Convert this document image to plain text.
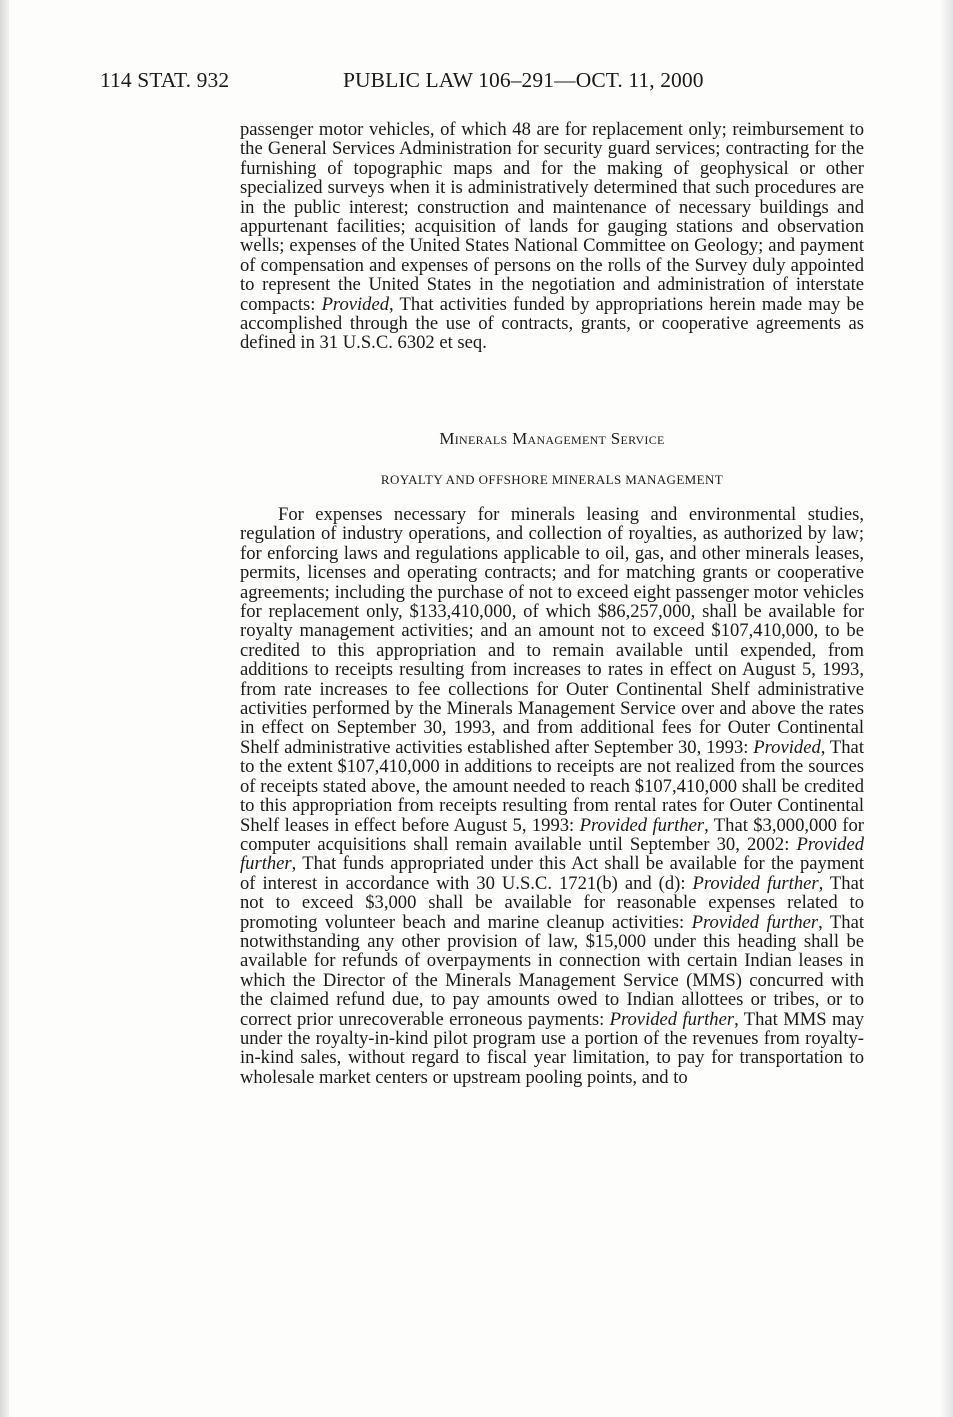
114 STAT. 932	PUBLIC LAW 106–291—OCT. 11, 2000
passenger motor vehicles, of which 48 are for replacement only; reimbursement to the General Services Administration for security guard services; contracting for the furnishing of topographic maps and for the making of geophysical or other specialized surveys when it is administratively determined that such procedures are in the public interest; construction and maintenance of necessary buildings and appurtenant facilities; acquisition of lands for gauging stations and observation wells; expenses of the United States National Committee on Geology; and payment of compensation and expenses of persons on the rolls of the Survey duly appointed to represent the United States in the negotiation and administration of interstate compacts: Provided, That activities funded by appropriations herein made may be accomplished through the use of contracts, grants, or cooperative agreements as defined in 31 U.S.C. 6302 et seq.
Minerals Management Service
ROYALTY AND OFFSHORE MINERALS MANAGEMENT
For expenses necessary for minerals leasing and environmental studies, regulation of industry operations, and collection of royalties, as authorized by law; for enforcing laws and regulations applicable to oil, gas, and other minerals leases, permits, licenses and operating contracts; and for matching grants or cooperative agreements; including the purchase of not to exceed eight passenger motor vehicles for replacement only, $133,410,000, of which $86,257,000, shall be available for royalty management activities; and an amount not to exceed $107,410,000, to be credited to this appropriation and to remain available until expended, from additions to receipts resulting from increases to rates in effect on August 5, 1993, from rate increases to fee collections for Outer Continental Shelf administrative activities performed by the Minerals Management Service over and above the rates in effect on September 30, 1993, and from additional fees for Outer Continental Shelf administrative activities established after September 30, 1993: Provided, That to the extent $107,410,000 in additions to receipts are not realized from the sources of receipts stated above, the amount needed to reach $107,410,000 shall be credited to this appropriation from receipts resulting from rental rates for Outer Continental Shelf leases in effect before August 5, 1993: Provided further, That $3,000,000 for computer acquisitions shall remain available until September 30, 2002: Provided further, That funds appropriated under this Act shall be available for the payment of interest in accordance with 30 U.S.C. 1721(b) and (d): Provided further, That not to exceed $3,000 shall be available for reasonable expenses related to promoting volunteer beach and marine cleanup activities: Provided further, That notwithstanding any other provision of law, $15,000 under this heading shall be available for refunds of overpayments in connection with certain Indian leases in which the Director of the Minerals Management Service (MMS) concurred with the claimed refund due, to pay amounts owed to Indian allottees or tribes, or to correct prior unrecoverable erroneous payments: Provided further, That MMS may under the royalty-in-kind pilot program use a portion of the revenues from royalty-in-kind sales, without regard to fiscal year limitation, to pay for transportation to wholesale market centers or upstream pooling points, and to
